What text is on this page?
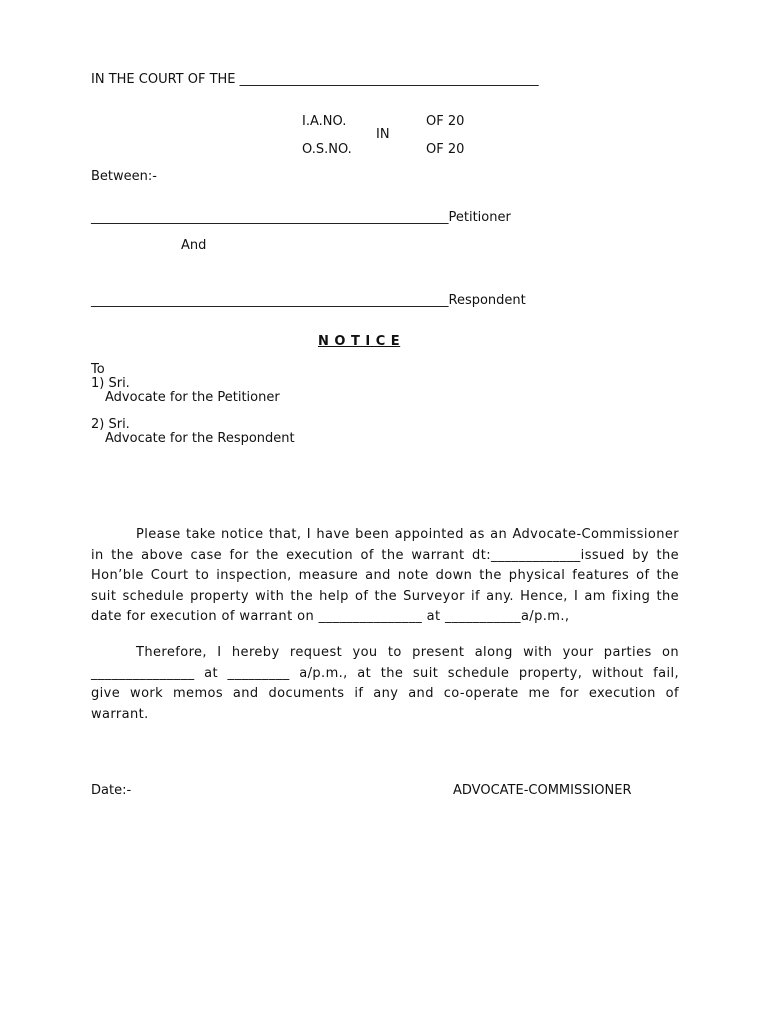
IN THE COURT OF THE ______________________________________________
I.A.NO.	OF 20
IN
O.S.NO.	OF 20
Between:-
_______________________________________________________Petitioner
And
_______________________________________________________Respondent
N O T I C E
To
1) Sri.
Advocate for the Petitioner
2) Sri.
Advocate for the Respondent
Please take notice that, I have been appointed as an Advocate-Commissioner
in the above case for the execution of the warrant dt:_____________issued by the
Hon’ble Court to inspection, measure and note down the physical features of the
suit schedule property with the help of the Surveyor if any. Hence, I am fixing the
date for execution of warrant on _______________ at ___________a/p.m.,
Therefore, I hereby request you to present along with your parties on
_______________ at _________ a/p.m., at the suit schedule property, without fail,
give work memos and documents if any and co-operate me for execution of
warrant.
Date:-	ADVOCATE-COMMISSIONER
